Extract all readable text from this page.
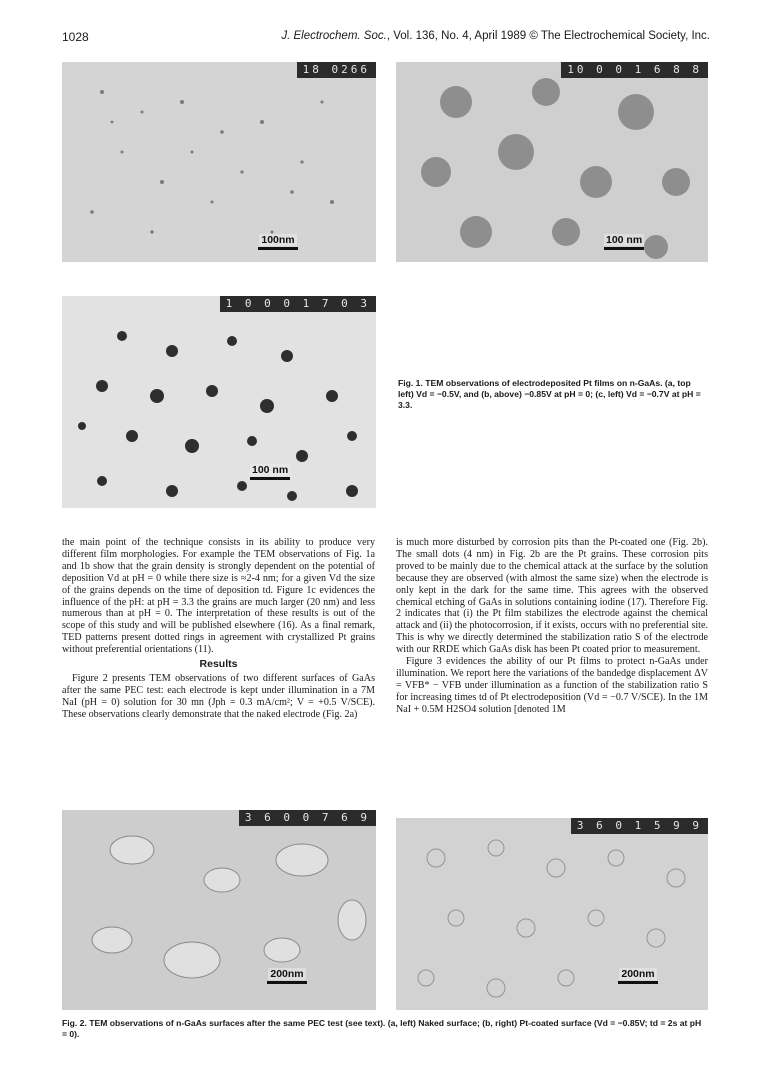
1028	J. Electrochem. Soc., Vol. 136, No. 4, April 1989 © The Electrochemical Society, Inc.
18 0266
100nm
10 0 0 1 6 8 8
100 nm
1 0 0 0 1 7 0 3
100 nm
Fig. 1. TEM observations of electrodeposited Pt films on n-GaAs. (a, top left) Vd = −0.5V, and (b, above) −0.85V at pH = 0; (c, left) Vd = −0.7V at pH = 3.3.

the main point of the technique consists in its ability to produce very different film morphologies. For example the TEM observations of Fig. 1a and 1b show that the grain density is strongly dependent on the potential of deposition Vd at pH = 0 while there size is ≈2-4 nm; for a given Vd the size of the grains depends on the time of deposition td. Figure 1c evidences the influence of the pH: at pH = 3.3 the grains are much larger (20 nm) and less numerous than at pH = 0. The interpretation of these results is out of the scope of this study and will be published elsewhere (16). As a final remark, TED patterns present dotted rings in agreement with crystallized Pt grains without preferential orientations (11).

Results

Figure 2 presents TEM observations of two different surfaces of GaAs after the same PEC test: each electrode is kept under illumination in a 7M NaI (pH = 0) solution for 30 mn (Jph = 0.3 mA/cm²; V = +0.5 V/SCE). These observations clearly demonstrate that the naked electrode (Fig. 2a)

is much more disturbed by corrosion pits than the Pt-coated one (Fig. 2b). The small dots (4 nm) in Fig. 2b are the Pt grains. These corrosion pits proved to be mainly due to the chemical attack at the surface by the solution because they are observed (with almost the same size) when the electrode is only kept in the dark for the same time. This agrees with the observed chemical etching of GaAs in solutions containing iodine (17). Therefore Fig. 2 indicates that (i) the Pt film stabilizes the electrode against the chemical attack and (ii) the photocorrosion, if it exists, occurs with no preferential site. This is why we directly determined the stabilization ratio S of the electrode with our RRDE which GaAs disk has been Pt coated prior to measurement.

Figure 3 evidences the ability of our Pt films to protect n-GaAs under illumination. We report here the variations of the bandedge displacement ΔV = VFB* − VFB under illumination as a function of the stabilization ratio S for increasing times td of Pt electrodeposition (Vd = −0.7 V/SCE). In the 1M NaI + 0.5M H2SO4 solution [denoted 1M

3 6 0 0 7 6 9
200nm
3 6 0 1 5 9 9
200nm
Fig. 2. TEM observations of n-GaAs surfaces after the same PEC test (see text). (a, left) Naked surface; (b, right) Pt-coated surface (Vd = −0.85V; td = 2s at pH = 0).
